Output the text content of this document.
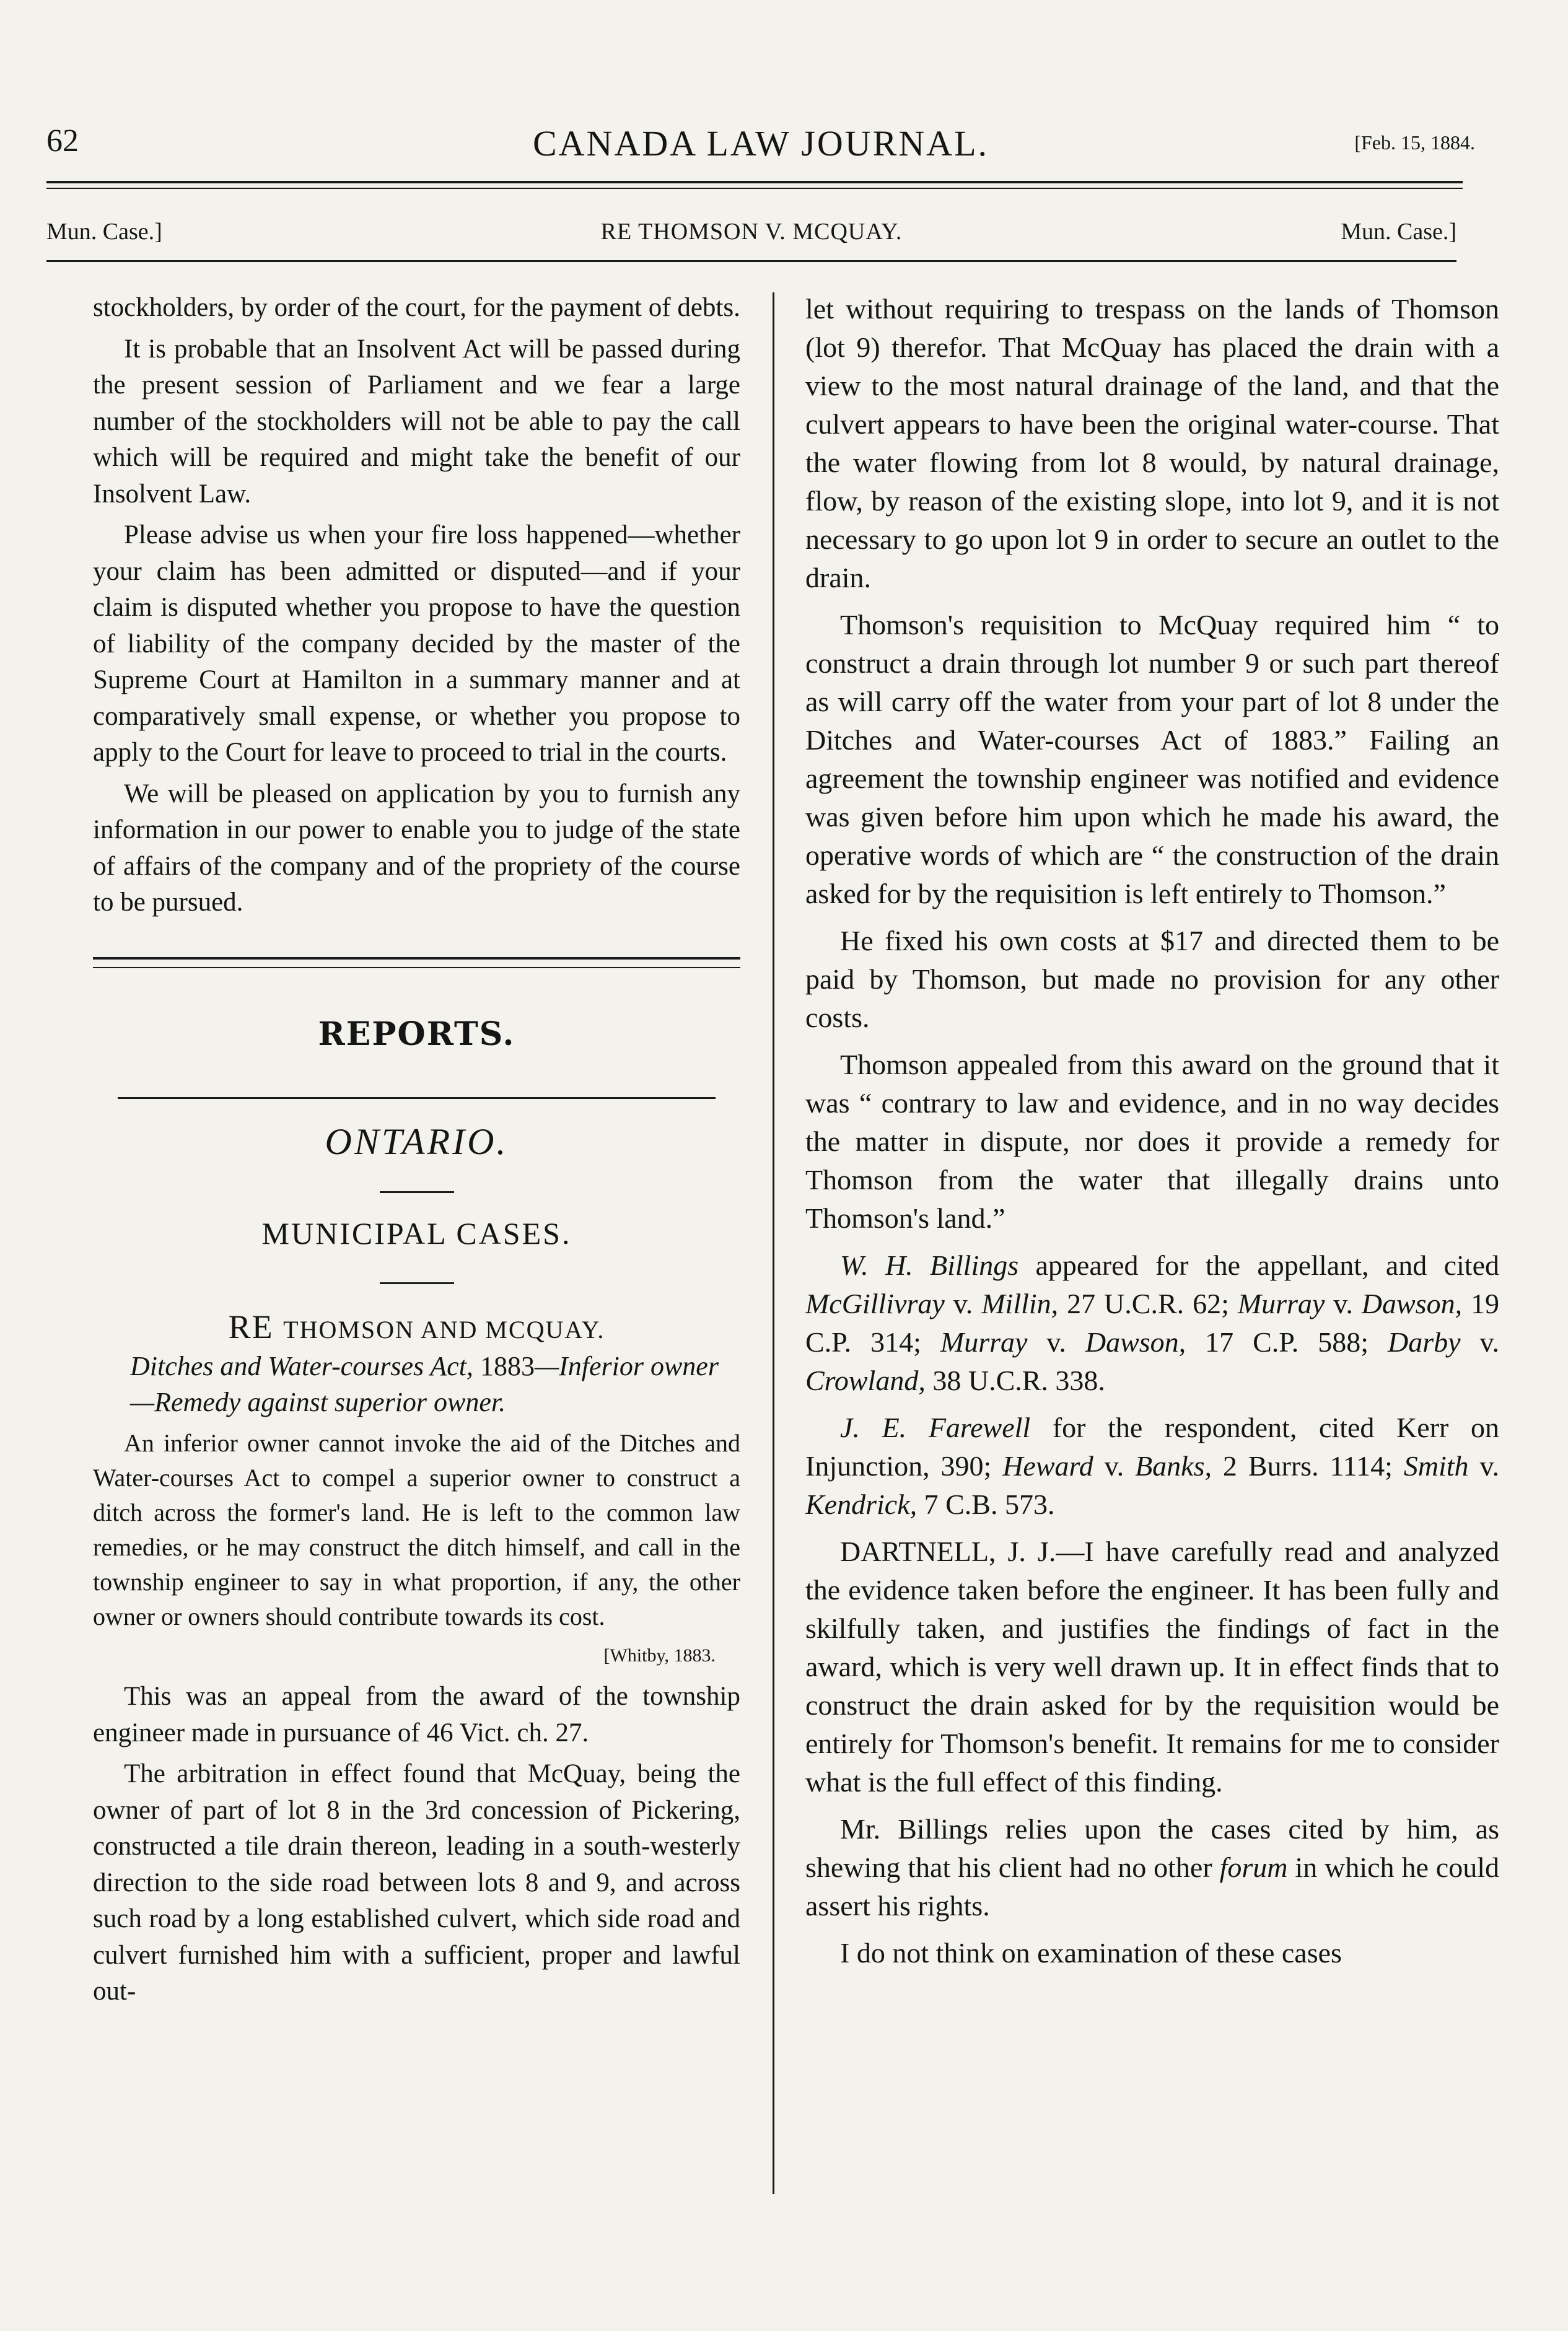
62	CANADA LAW JOURNAL.	[Feb. 15, 1884.
Mun. Case.]	RE THOMSON V. MCQUAY.	Mun. Case.]

stockholders, by order of the court, for the payment of debts.

It is probable that an Insolvent Act will be passed during the present session of Parliament and we fear a large number of the stockholders will not be able to pay the call which will be required and might take the benefit of our Insolvent Law.

Please advise us when your fire loss happened—whether your claim has been admitted or disputed—and if your claim is disputed whether you propose to have the question of liability of the company decided by the master of the Supreme Court at Hamilton in a summary manner and at comparatively small expense, or whether you propose to apply to the Court for leave to proceed to trial in the courts.

We will be pleased on application by you to furnish any information in our power to enable you to judge of the state of affairs of the company and of the propriety of the course to be pursued.

REPORTS.
ONTARIO.
MUNICIPAL CASES.
RE THOMSON AND MCQUAY.

Ditches and Water-courses Act, 1883—Inferior owner—Remedy against superior owner.

An inferior owner cannot invoke the aid of the Ditches and Water-courses Act to compel a superior owner to construct a ditch across the former's land. He is left to the common law remedies, or he may construct the ditch himself, and call in the township engineer to say in what proportion, if any, the other owner or owners should contribute towards its cost.

[Whitby, 1883.

This was an appeal from the award of the township engineer made in pursuance of 46 Vict. ch. 27.

The arbitration in effect found that McQuay, being the owner of part of lot 8 in the 3rd concession of Pickering, constructed a tile drain thereon, leading in a south-westerly direction to the side road between lots 8 and 9, and across such road by a long established culvert, which side road and culvert furnished him with a sufficient, proper and lawful out-

let without requiring to trespass on the lands of Thomson (lot 9) therefor. That McQuay has placed the drain with a view to the most natural drainage of the land, and that the culvert appears to have been the original water-course. That the water flowing from lot 8 would, by natural drainage, flow, by reason of the existing slope, into lot 9, and it is not necessary to go upon lot 9 in order to secure an outlet to the drain.

Thomson's requisition to McQuay required him “ to construct a drain through lot number 9 or such part thereof as will carry off the water from your part of lot 8 under the Ditches and Water-courses Act of 1883.” Failing an agreement the township engineer was notified and evidence was given before him upon which he made his award, the operative words of which are “ the construction of the drain asked for by the requisition is left entirely to Thomson.”

He fixed his own costs at $17 and directed them to be paid by Thomson, but made no provision for any other costs.

Thomson appealed from this award on the ground that it was “ contrary to law and evidence, and in no way decides the matter in dispute, nor does it provide a remedy for Thomson from the water that illegally drains unto Thomson's land.”

W. H. Billings appeared for the appellant, and cited McGillivray v. Millin, 27 U.C.R. 62; Murray v. Dawson, 19 C.P. 314; Murray v. Dawson, 17 C.P. 588; Darby v. Crowland, 38 U.C.R. 338.

J. E. Farewell for the respondent, cited Kerr on Injunction, 390; Heward v. Banks, 2 Burrs. 1114; Smith v. Kendrick, 7 C.B. 573.

DARTNELL, J. J.—I have carefully read and analyzed the evidence taken before the engineer. It has been fully and skilfully taken, and justifies the findings of fact in the award, which is very well drawn up. It in effect finds that to construct the drain asked for by the requisition would be entirely for Thomson's benefit. It remains for me to consider what is the full effect of this finding.

Mr. Billings relies upon the cases cited by him, as shewing that his client had no other forum in which he could assert his rights.

I do not think on examination of these cases
